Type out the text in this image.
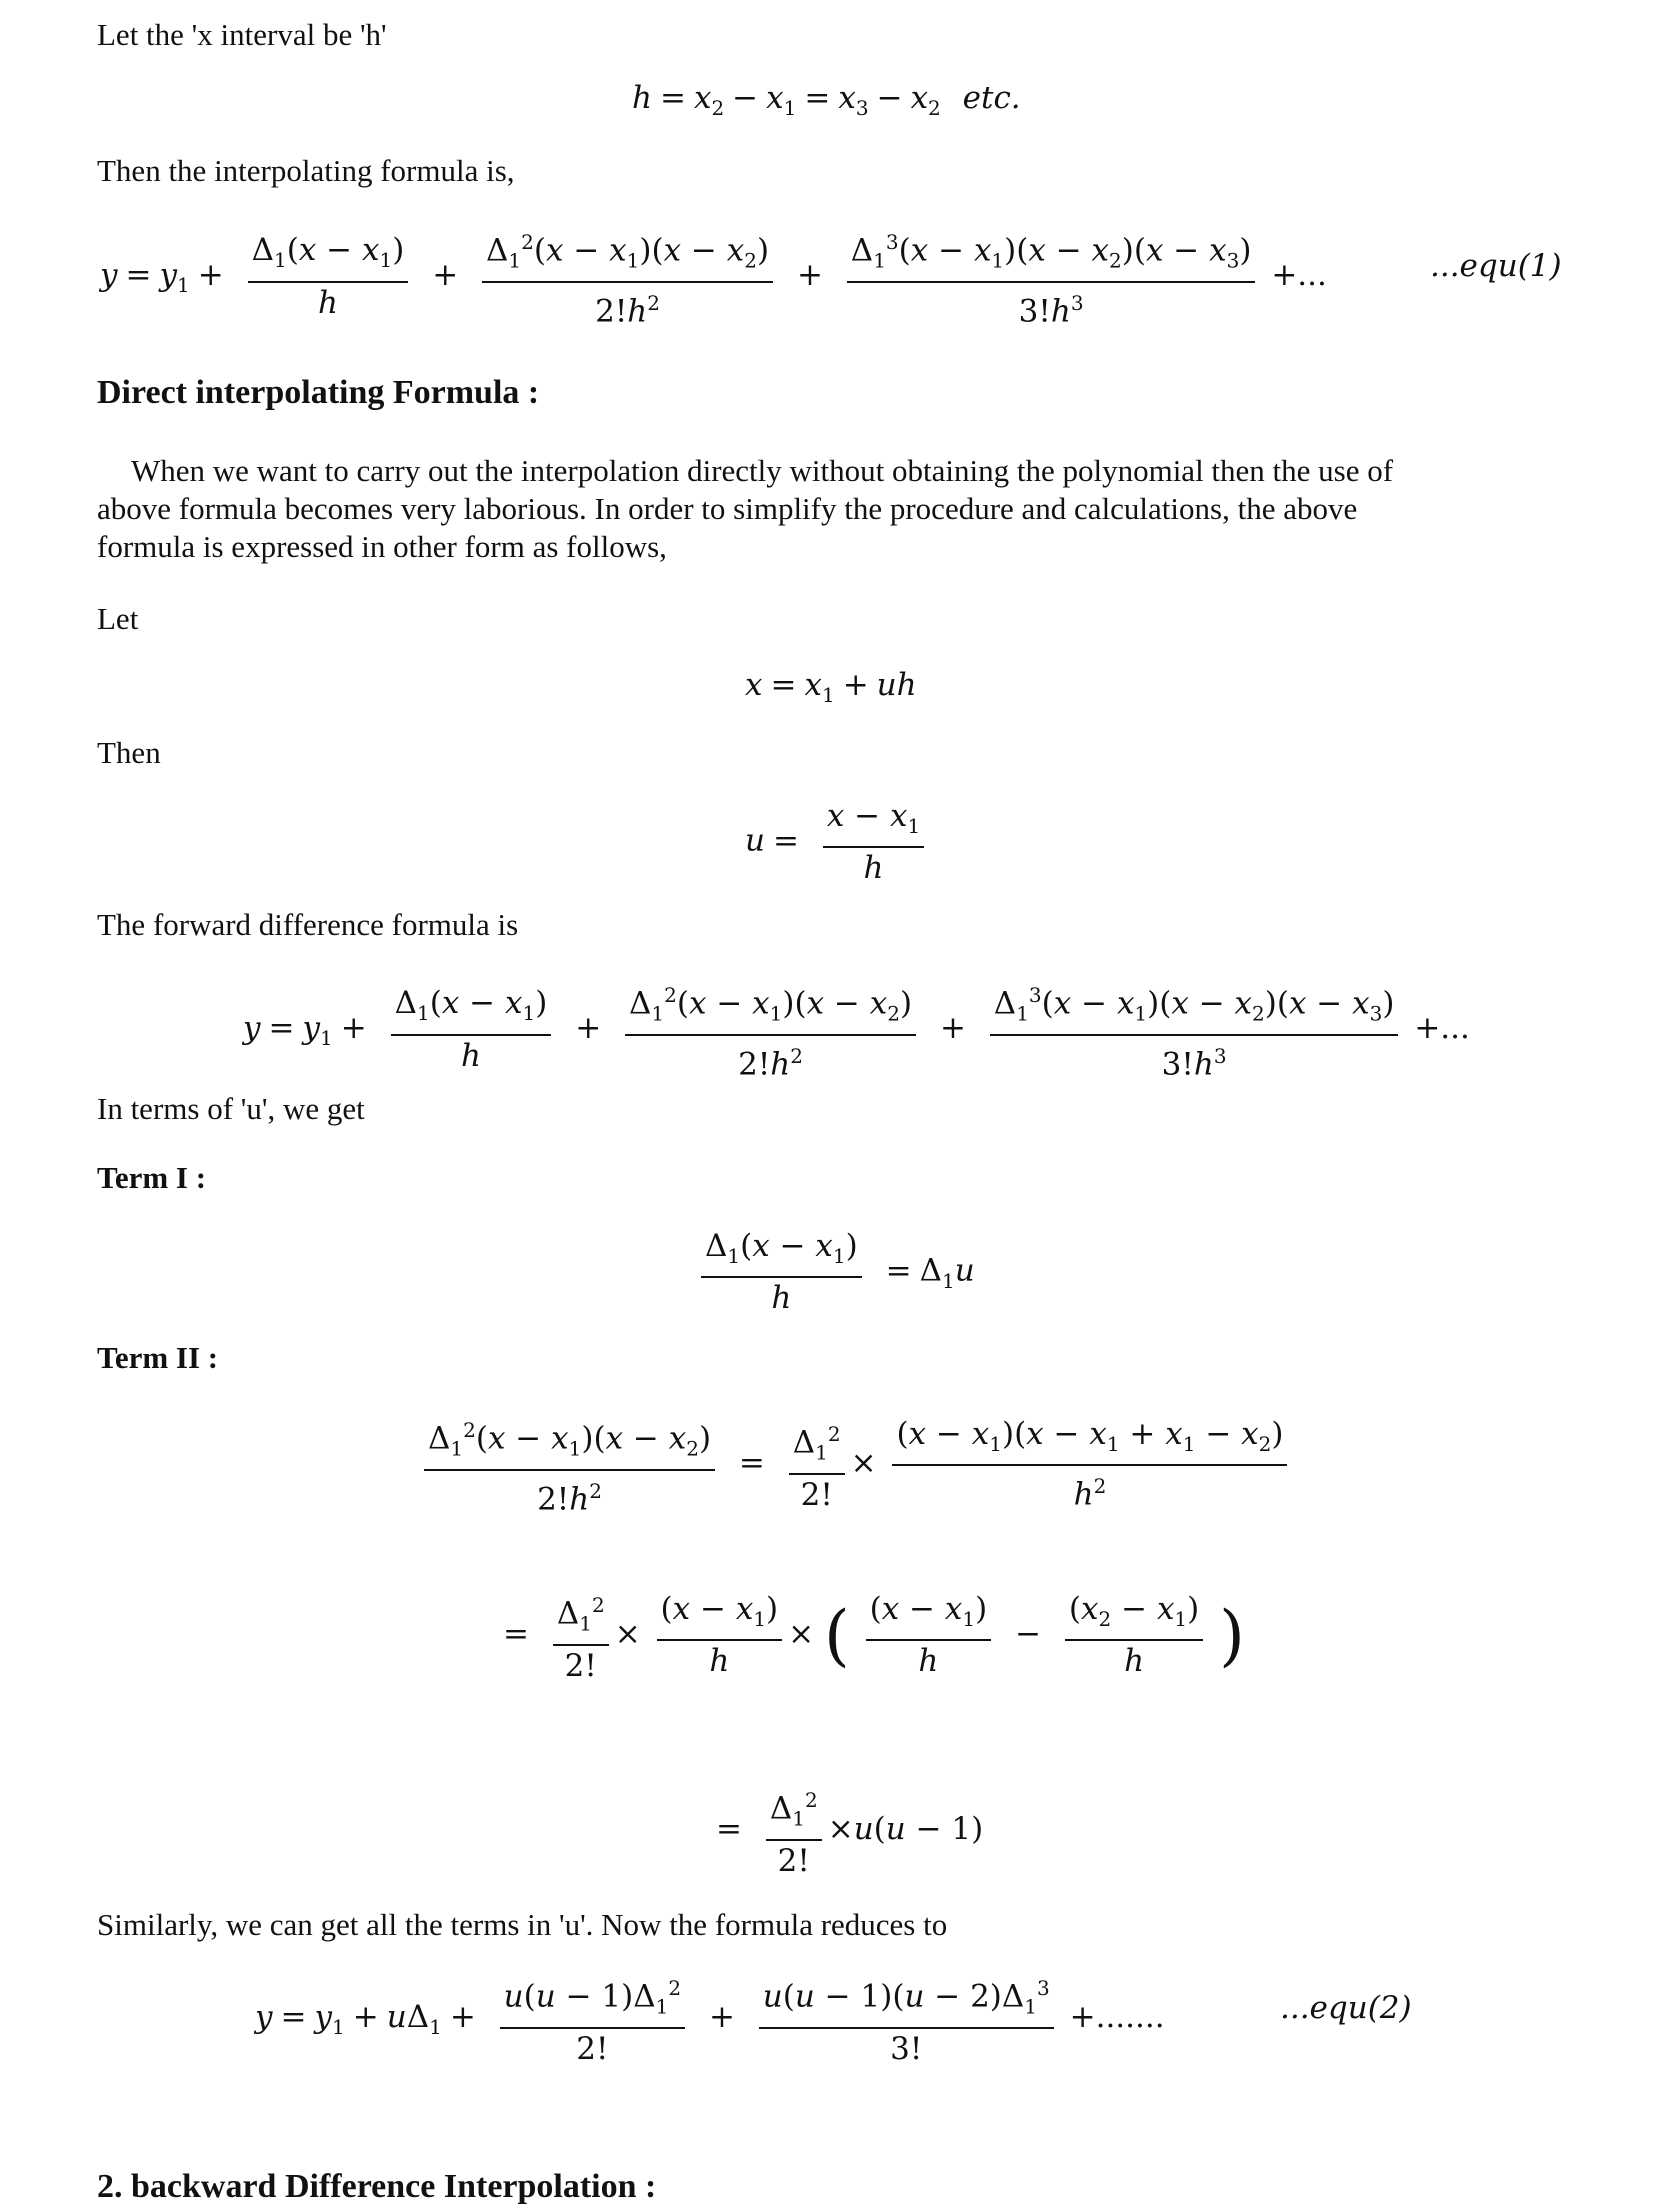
Let the 'x interval be 'h'
$h = x_2 - x_1 = x_3 - x_2$ etc.
Then the interpolating formula is,
$y = y_1 + \frac{\Delta_1(x - x_1)}{h} + \frac{\Delta_1^2(x - x_1)(x - x_2)}{2!h^2} + \frac{\Delta_1^3(x - x_1)(x - x_2)(x - x_3)}{3!h^3}$ +...	...equ(1)
Direct interpolating Formula :
When we want to carry out the interpolation directly without obtaining the polynomial then the use of
above formula becomes very laborious. In order to simplify the procedure and calculations, the above
formula is expressed in other form as follows,
Let
$x = x_1$ + uh
Then
$u = \frac{x - x_1}{h}$
The forward difference formula is
$y = y_1 + \frac{\Delta_1(x - x_1)}{h} + \frac{\Delta_1^2(x - x_1)(x - x_2)}{2!h^2} + \frac{\Delta_1^3(x - x_1)(x - x_2)(x - x_3)}{3!h^3}$ +...
In terms of 'u', we get
Term I :
$\frac{\Delta_1(x - x_1)}{h} = \Delta_1u$
Term II :
$\frac{\Delta_1^2(x - x_1)(x - x_2)}{2!h^2} = \frac{\Delta_1^2}{2!} \times \frac{(x - x_1)(x - x_1 + x_1 - x_2)}{h^2}$
= $\frac{\Delta_1^2}{2!} \times \frac{(x - x_1)}{h}$ × ( $\frac{(x - x_1)}{h} - \frac{(x_2 - x_1)}{h}$ )
= $\frac{\Delta_1^2}{2!} \times u(u - 1)$
Similarly, we can get all the terms in 'u'. Now the formula reduces to
$y = y_1 + u\Delta_1 + \frac{u(u - 1)\Delta_1^2}{2!} + \frac{u(u - 1)(u - 2)\Delta_1^3}{3!}$ +.......	...equ(2)
2. backward Difference Interpolation :
